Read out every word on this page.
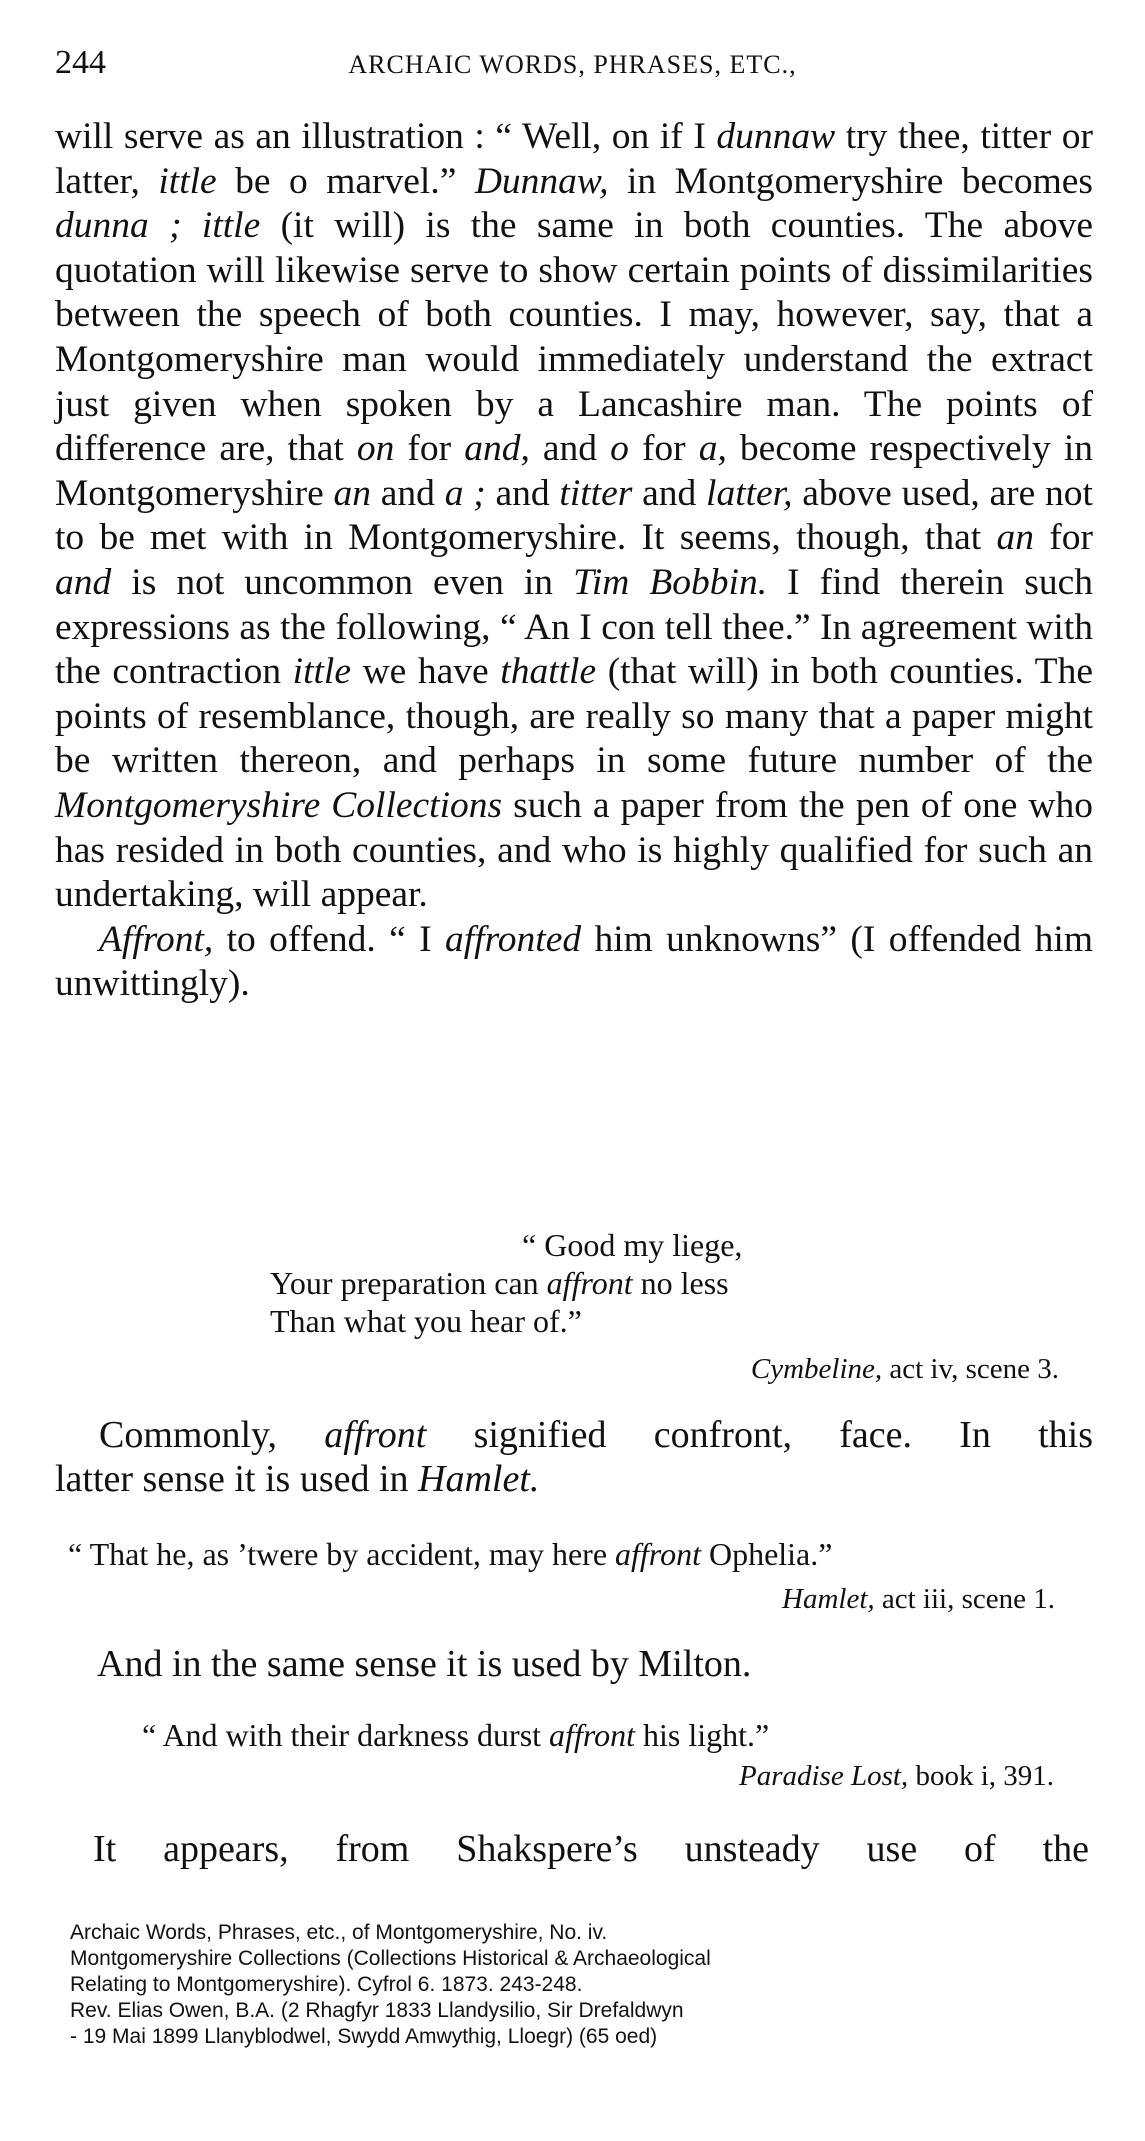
244	ARCHAIC WORDS, PHRASES, ETC.,

will serve as an illustration : “ Well, on if I dunnaw try thee, titter or latter, ittle be o marvel.” Dunnaw, in Montgomeryshire becomes dunna ; ittle (it will) is the same in both counties. The above quotation will likewise serve to show certain points of dissimilarities between the speech of both counties. I may, however, say, that a Montgomeryshire man would immediately understand the extract just given when spoken by a Lancashire man. The points of difference are, that on for and, and o for a, become respectively in Montgomeryshire an and a ; and titter and latter, above used, are not to be met with in Montgomeryshire. It seems, though, that an for and is not uncommon even in Tim Bobbin. I find therein such expressions as the following, “ An I con tell thee.” In agreement with the contraction ittle we have thattle (that will) in both counties. The points of resemblance, though, are really so many that a paper might be written thereon, and perhaps in some future number of the Montgomeryshire Collections such a paper from the pen of one who has resided in both counties, and who is highly qualified for such an undertaking, will appear.

Affront, to offend. “ I affronted him unknowns” (I offended him unwittingly).

“ Good my liege,
Your preparation can affront no less
Than what you hear of.”
Cymbeline, act iv, scene 3.
Commonly, affront signified confront, face. In this
latter sense it is used in Hamlet.
“ That he, as ’twere by accident, may here affront Ophelia.”
Hamlet, act iii, scene 1.
And in the same sense it is used by Milton.
“ And with their darkness durst affront his light.”
Paradise Lost, book i, 391.
It appears, from Shakspere’s unsteady use of the
Archaic Words, Phrases, etc., of Montgomeryshire, No. iv.
Montgomeryshire Collections (Collections Historical & Archaeological
Relating to Montgomeryshire). Cyfrol 6. 1873. 243-248.
Rev. Elias Owen, B.A. (2 Rhagfyr 1833 Llandysilio, Sir Drefaldwyn
- 19 Mai 1899 Llanyblodwel, Swydd Amwythig, Lloegr) (65 oed)
